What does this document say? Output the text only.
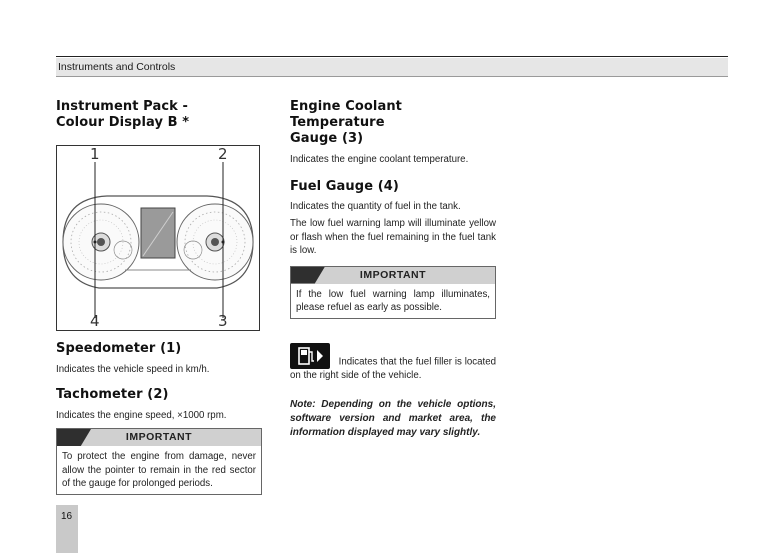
Instruments and Controls
Instrument Pack -
Colour Display B *
1	2
3
4
Speedometer (1)

Indicates the vehicle speed in km/h.

Tachometer (2)

Indicates the engine speed, ×1000 rpm.

IMPORTANT
To protect the engine from damage, never allow the pointer to remain in the red sector of the gauge for prolonged periods.
Engine Coolant Temperature
Gauge (3)

Indicates the engine coolant temperature.

Fuel Gauge (4)

Indicates the quantity of fuel in the tank.

The low fuel warning lamp will illuminate yellow or flash when the fuel remaining in the fuel tank is low.

IMPORTANT
If the low fuel warning lamp illuminates, please refuel as early as possible.

Indicates that the fuel filler is located on the right side of the vehicle.

Note: Depending on the vehicle options, software version and market area, the information displayed may vary slightly.

16
